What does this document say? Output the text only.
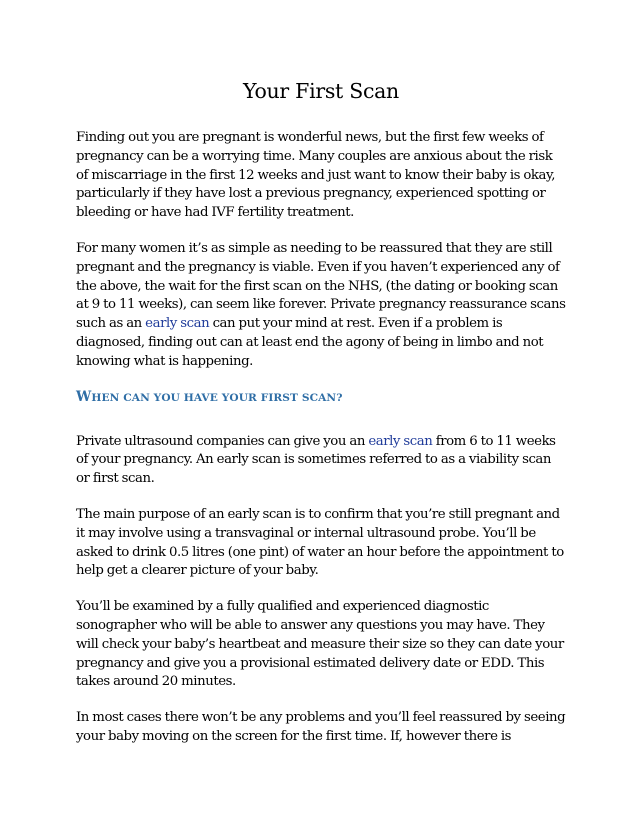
Your First Scan

Finding out you are pregnant is wonderful news, but the first few weeks of pregnancy can be a worrying time. Many couples are anxious about the risk of miscarriage in the first 12 weeks and just want to know their baby is okay, particularly if they have lost a previous pregnancy, experienced spotting or bleeding or have had IVF fertility treatment.

For many women it’s as simple as needing to be reassured that they are still pregnant and the pregnancy is viable. Even if you haven’t experienced any of the above, the wait for the first scan on the NHS, (the dating or booking scan at 9 to 11 weeks), can seem like forever. Private pregnancy reassurance scans such as an early scan can put your mind at rest. Even if a problem is diagnosed, finding out can at least end the agony of being in limbo and not knowing what is happening.

WHEN CAN YOU HAVE YOUR FIRST SCAN?

Private ultrasound companies can give you an early scan from 6 to 11 weeks of your pregnancy. An early scan is sometimes referred to as a viability scan or first scan.

The main purpose of an early scan is to confirm that you’re still pregnant and it may involve using a transvaginal or internal ultrasound probe. You’ll be asked to drink 0.5 litres (one pint) of water an hour before the appointment to help get a clearer picture of your baby.

You’ll be examined by a fully qualified and experienced diagnostic sonographer who will be able to answer any questions you may have. They will check your baby’s heartbeat and measure their size so they can date your pregnancy and give you a provisional estimated delivery date or EDD. This takes around 20 minutes.

In most cases there won’t be any problems and you’ll feel reassured by seeing your baby moving on the screen for the first time. If, however there is
